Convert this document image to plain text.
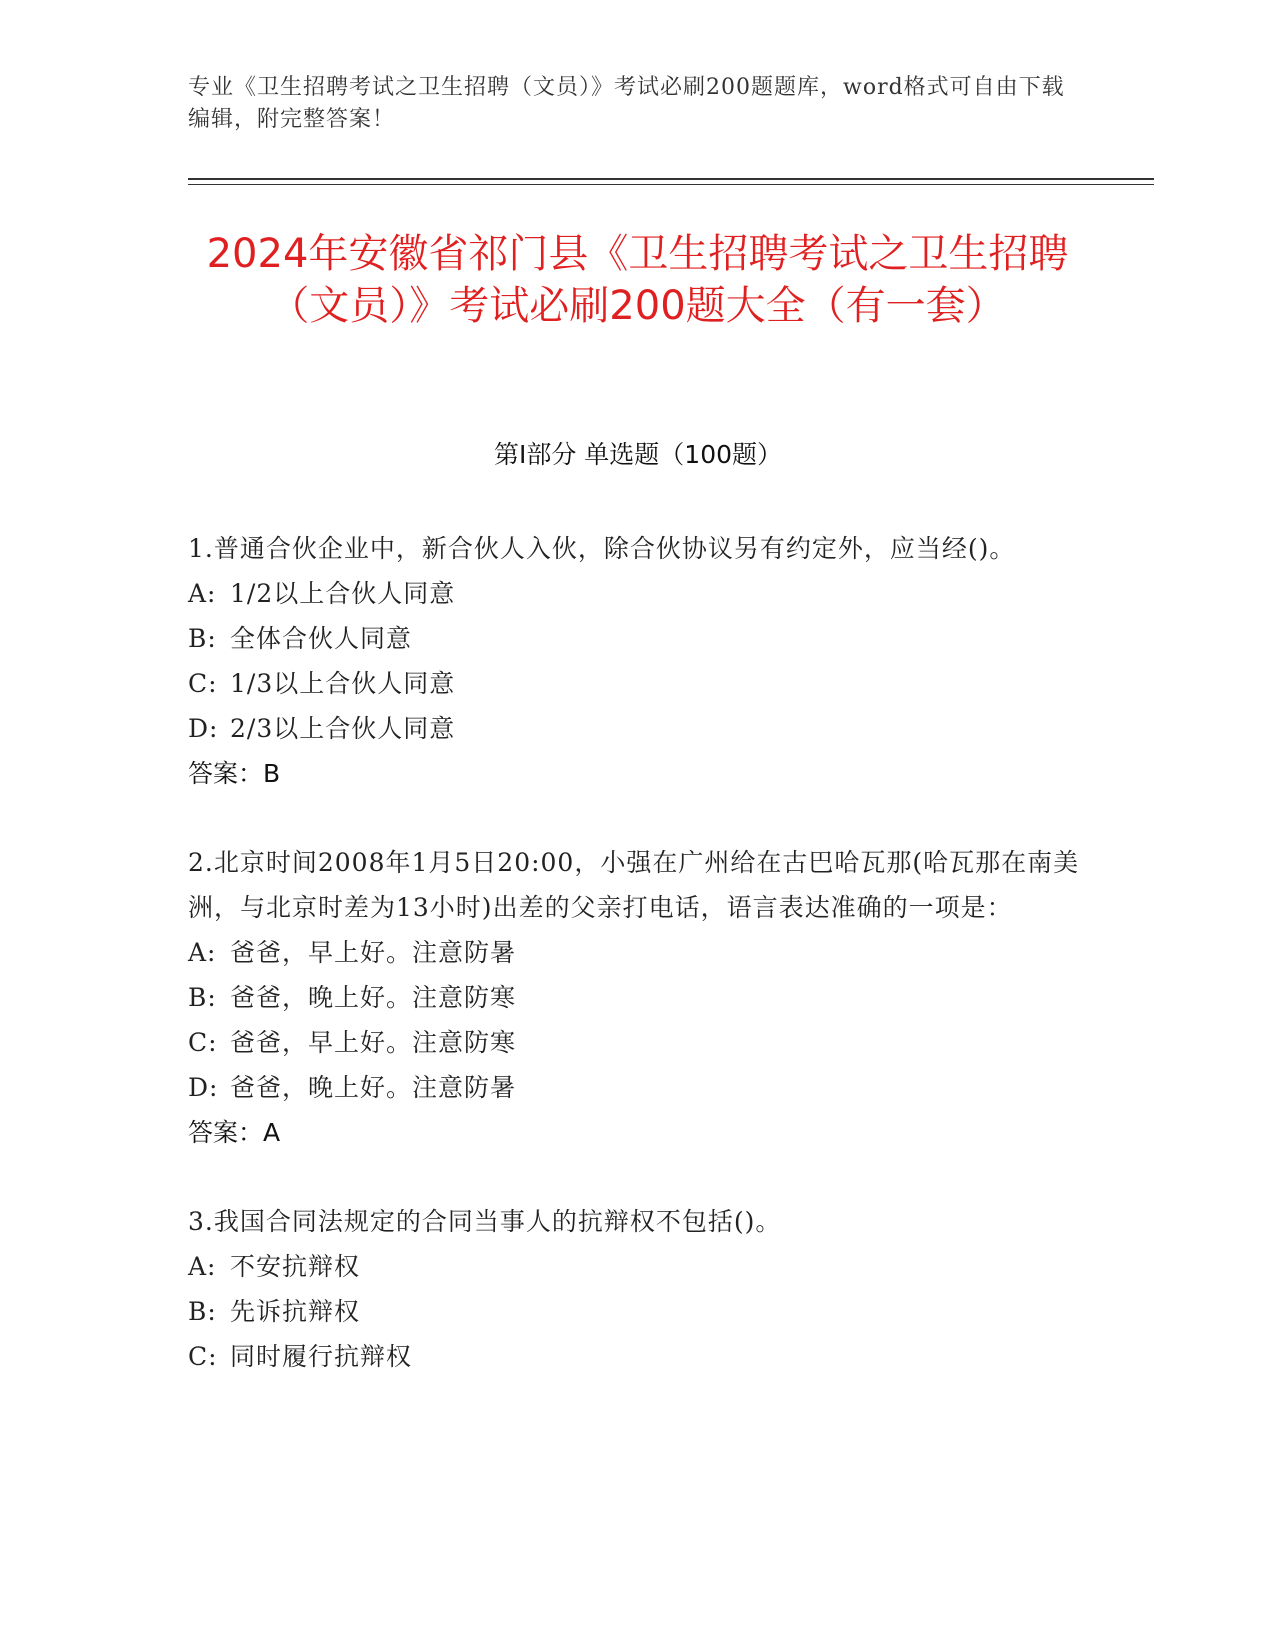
专业《卫生招聘考试之卫生招聘（文员）》考试必刷200题题库，word格式可自由下载编辑，附完整答案！
2024年安徽省祁门县《卫生招聘考试之卫生招聘（文员）》考试必刷200题大全（有一套）
第Ⅰ部分 单选题（100题）

1.普通合伙企业中，新合伙人入伙，除合伙协议另有约定外，应当经()。

A: 1/2以上合伙人同意

B: 全体合伙人同意

C: 1/3以上合伙人同意

D: 2/3以上合伙人同意

答案：B

2.北京时间2008年1月5日20:00，小强在广州给在古巴哈瓦那(哈瓦那在南美洲，与北京时差为13小时)出差的父亲打电话，语言表达准确的一项是：

A: 爸爸，早上好。注意防暑

B: 爸爸，晚上好。注意防寒

C: 爸爸，早上好。注意防寒

D: 爸爸，晚上好。注意防暑

答案：A

3.我国合同法规定的合同当事人的抗辩权不包括()。

A: 不安抗辩权

B: 先诉抗辩权

C: 同时履行抗辩权
